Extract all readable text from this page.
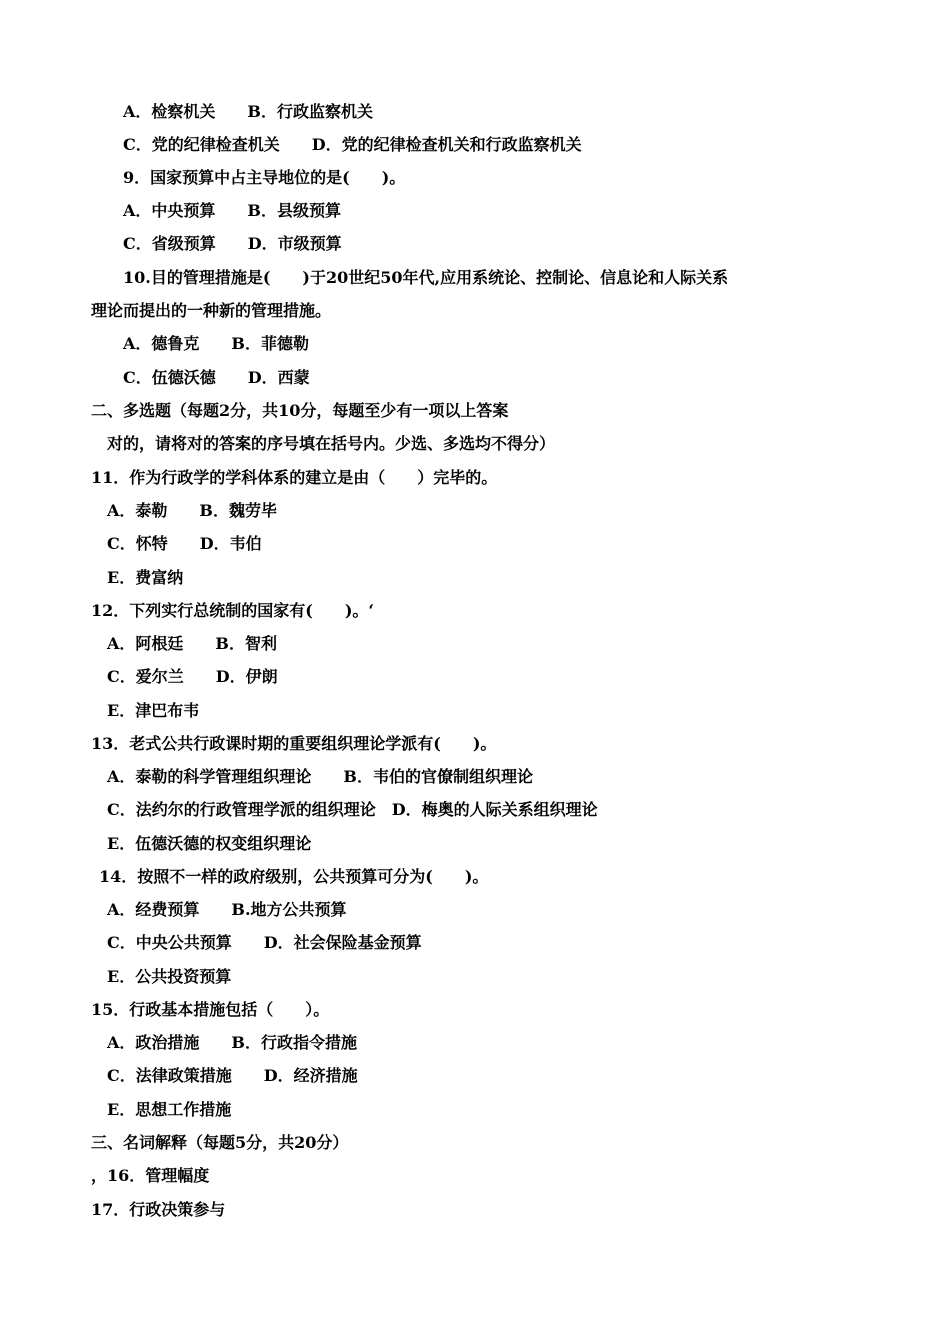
A．检察机关　　B．行政监察机关
C．党的纪律检查机关　　D．党的纪律检查机关和行政监察机关
9．国家预算中占主导地位的是(　　)。
A．中央预算　　B．县级预算
C．省级预算　　D．市级预算
10.目的管理措施是(　　)于20世纪50年代,应用系统论、控制论、信息论和人际关系
理论而提出的一种新的管理措施。
A．德鲁克　　B．菲德勒
C．伍德沃德　　D．西蒙
二、多选题（每题2分，共10分，每题至少有一项以上答案
对的，请将对的答案的序号填在括号内。少选、多选均不得分）
11．作为行政学的学科体系的建立是由（　　）完毕的。
A．泰勒　　B．魏劳毕
C．怀特　　D．韦伯
E．费富纳
12．下列实行总统制的国家有(　　)。‘
A．阿根廷　　B．智利
C．爱尔兰　　D．伊朗
E．津巴布韦
13．老式公共行政课时期的重要组织理论学派有(　　)。
A．泰勒的科学管理组织理论　　B．韦伯的官僚制组织理论
C．法约尔的行政管理学派的组织理论　D．梅奥的人际关系组织理论
E．伍德沃德的权变组织理论
14．按照不一样的政府级别，公共预算可分为(　　)。
A．经费预算　　B.地方公共预算
C．中央公共预算　　D．社会保险基金预算
E．公共投资预算
15．行政基本措施包括（　　）。
A．政治措施　　B．行政指令措施
C．法律政策措施　　D．经济措施
E．思想工作措施
三、名词解释（每题5分，共20分）
，16．管理幅度
17．行政决策参与
